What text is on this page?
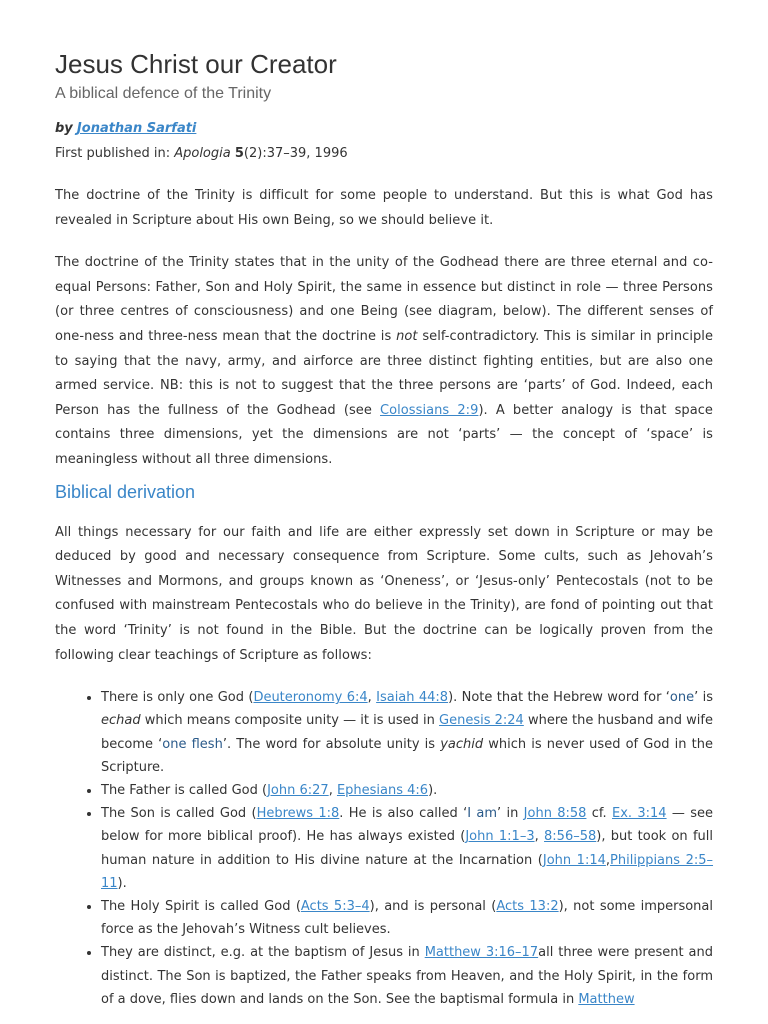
Jesus Christ our Creator
A biblical defence of the Trinity
by Jonathan Sarfati
First published in: Apologia 5(2):37–39, 1996

The doctrine of the Trinity is difficult for some people to understand. But this is what God has revealed in Scripture about His own Being, so we should believe it.

The doctrine of the Trinity states that in the unity of the Godhead there are three eternal and co-equal Persons: Father, Son and Holy Spirit, the same in essence but distinct in role — three Persons (or three centres of consciousness) and one Being (see diagram, below). The different senses of one-ness and three-ness mean that the doctrine is not self-contradictory. This is similar in principle to saying that the navy, army, and airforce are three distinct fighting entities, but are also one armed service. NB: this is not to suggest that the three persons are ‘parts’ of God. Indeed, each Person has the fullness of the Godhead (see Colossians 2:9). A better analogy is that space contains three dimensions, yet the dimensions are not ‘parts’ — the concept of ‘space’ is meaningless without all three dimensions.

Biblical derivation

All things necessary for our faith and life are either expressly set down in Scripture or may be deduced by good and necessary consequence from Scripture. Some cults, such as Jehovah’s Witnesses and Mormons, and groups known as ‘Oneness’, or ‘Jesus-only’ Pentecostals (not to be confused with mainstream Pentecostals who do believe in the Trinity), are fond of pointing out that the word ‘Trinity’ is not found in the Bible. But the doctrine can be logically proven from the following clear teachings of Scripture as follows:

• There is only one God (Deuteronomy 6:4, Isaiah 44:8). Note that the Hebrew word for ‘one’ is echad which means composite unity — it is used in Genesis 2:24 where the husband and wife become ‘one flesh’. The word for absolute unity is yachid which is never used of God in the Scripture.
• The Father is called God (John 6:27, Ephesians 4:6).
• The Son is called God (Hebrews 1:8. He is also called ‘I am’ in John 8:58 cf. Ex. 3:14 — see below for more biblical proof). He has always existed (John 1:1–3, 8:56–58), but took on full human nature in addition to His divine nature at the Incarnation (John 1:14,Philippians 2:5–11).
• The Holy Spirit is called God (Acts 5:3–4), and is personal (Acts 13:2), not some impersonal force as the Jehovah’s Witness cult believes.
• They are distinct, e.g. at the baptism of Jesus in Matthew 3:16–17all three were present and distinct. The Son is baptized, the Father speaks from Heaven, and the Holy Spirit, in the form of a dove, flies down and lands on the Son. See the baptismal formula in Matthew
